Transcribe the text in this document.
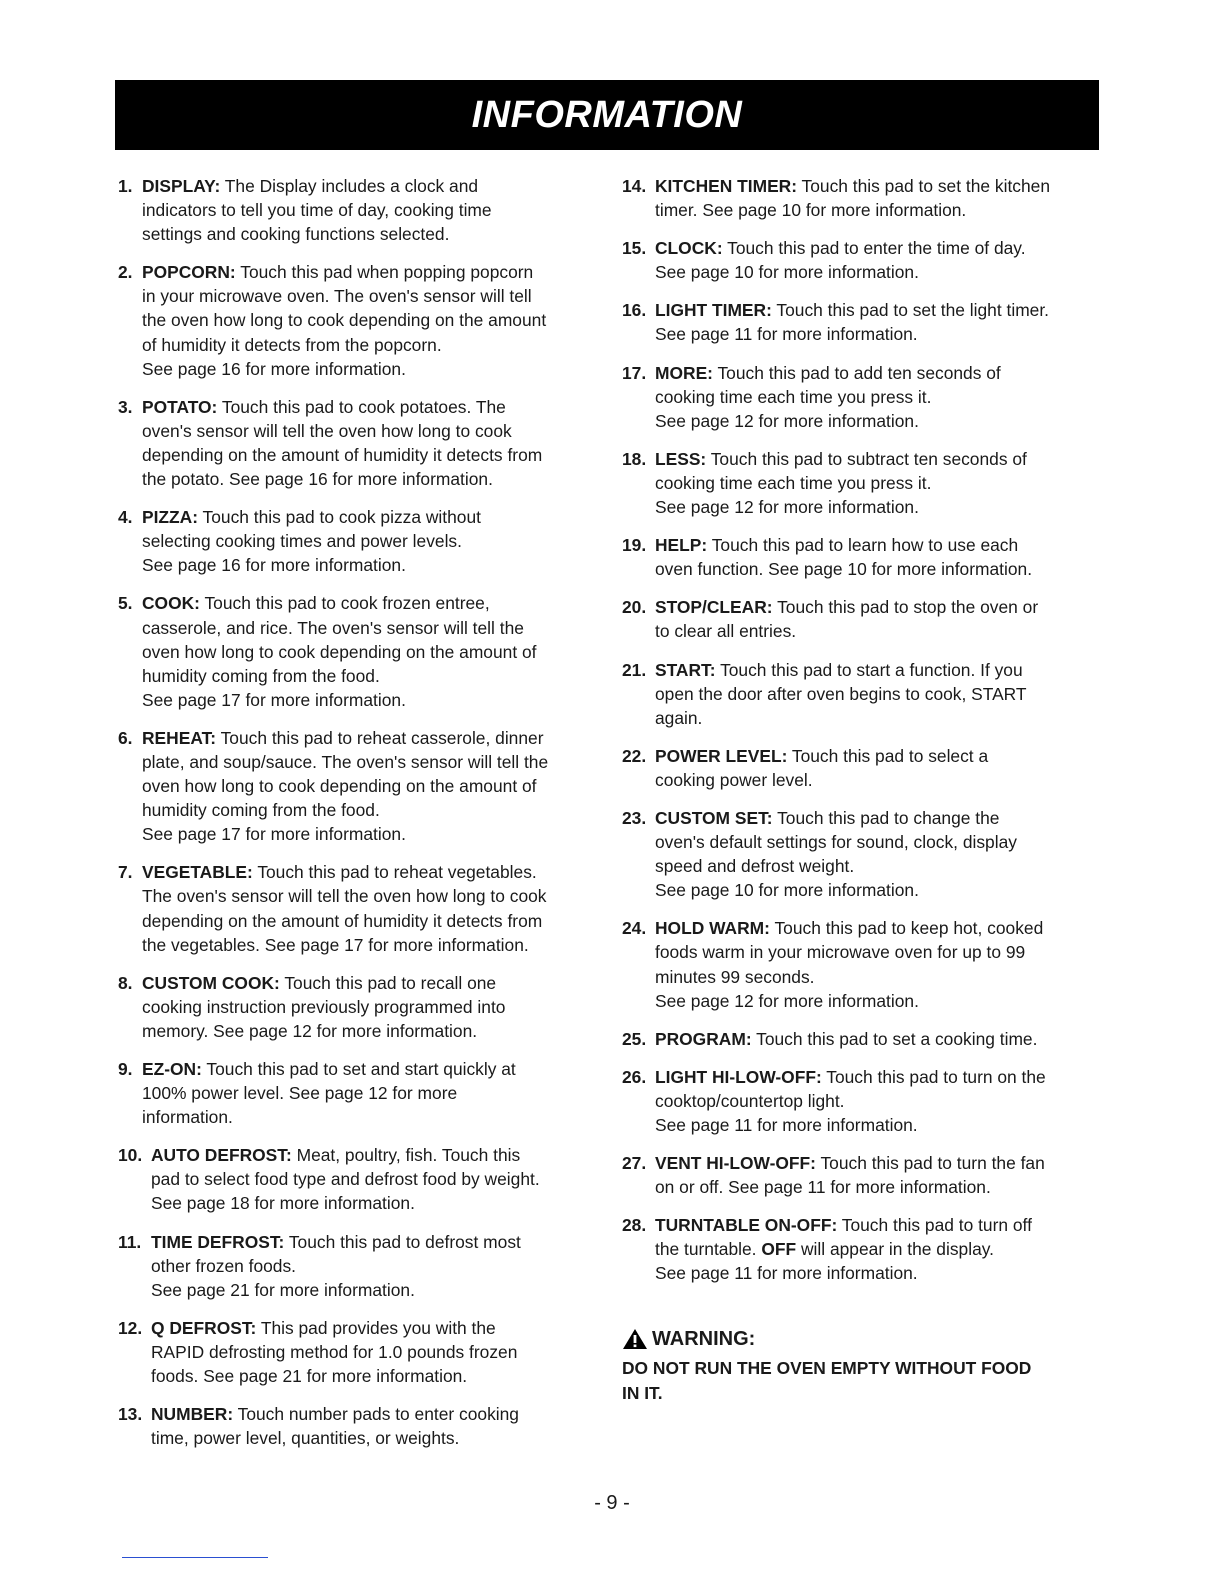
INFORMATION
1. DISPLAY: The Display includes a clock and
indicators to tell you time of day, cooking time
settings and cooking functions selected.
2. POPCORN: Touch this pad when popping popcorn
in your microwave oven. The oven's sensor will tell
the oven how long to cook depending on the amount
of humidity it detects from the popcorn.
See page 16 for more information.
3. POTATO: Touch this pad to cook potatoes. The
oven's sensor will tell the oven how long to cook
depending on the amount of humidity it detects from
the potato. See page 16 for more information.
4. PIZZA: Touch this pad to cook pizza without
selecting cooking times and power levels.
See page 16 for more information.
5. COOK: Touch this pad to cook frozen entree,
casserole, and rice. The oven's sensor will tell the
oven how long to cook depending on the amount of
humidity coming from the food.
See page 17 for more information.
6. REHEAT: Touch this pad to reheat casserole, dinner
plate, and soup/sauce. The oven's sensor will tell the
oven how long to cook depending on the amount of
humidity coming from the food.
See page 17 for more information.
7. VEGETABLE: Touch this pad to reheat vegetables.
The oven's sensor will tell the oven how long to cook
depending on the amount of humidity it detects from
the vegetables. See page 17 for more information.
8. CUSTOM COOK: Touch this pad to recall one
cooking instruction previously programmed into
memory. See page 12 for more information.
9. EZ-ON: Touch this pad to set and start quickly at
100% power level. See page 12 for more
information.
10. AUTO DEFROST: Meat, poultry, fish. Touch this
pad to select food type and defrost food by weight.
See page 18 for more information.
11. TIME DEFROST: Touch this pad to defrost most
other frozen foods.
See page 21 for more information.
12. Q DEFROST: This pad provides you with the
RAPID defrosting method for 1.0 pounds frozen
foods. See page 21 for more information.
13. NUMBER: Touch number pads to enter cooking
time, power level, quantities, or weights.
14. KITCHEN TIMER: Touch this pad to set the kitchen
timer. See page 10 for more information.
15. CLOCK: Touch this pad to enter the time of day.
See page 10 for more information.
16. LIGHT TIMER: Touch this pad to set the light timer.
See page 11 for more information.
17. MORE: Touch this pad to add ten seconds of
cooking time each time you press it.
See page 12 for more information.
18. LESS: Touch this pad to subtract ten seconds of
cooking time each time you press it.
See page 12 for more information.
19. HELP: Touch this pad to learn how to use each
oven function. See page 10 for more information.
20. STOP/CLEAR: Touch this pad to stop the oven or
to clear all entries.
21. START: Touch this pad to start a function. If you
open the door after oven begins to cook, START
again.
22. POWER LEVEL: Touch this pad to select a
cooking power level.
23. CUSTOM SET: Touch this pad to change the
oven's default settings for sound, clock, display
speed and defrost weight.
See page 10 for more information.
24. HOLD WARM: Touch this pad to keep hot, cooked
foods warm in your microwave oven for up to 99
minutes 99 seconds.
See page 12 for more information.
25. PROGRAM: Touch this pad to set a cooking time.
26. LIGHT HI-LOW-OFF: Touch this pad to turn on the
cooktop/countertop light.
See page 11 for more information.
27. VENT HI-LOW-OFF: Touch this pad to turn the fan
on or off. See page 11 for more information.
28. TURNTABLE ON-OFF: Touch this pad to turn off
the turntable. OFF will appear in the display.
See page 11 for more information.
WARNING:
DO NOT RUN THE OVEN EMPTY WITHOUT FOOD
IN IT.
- 9 -
